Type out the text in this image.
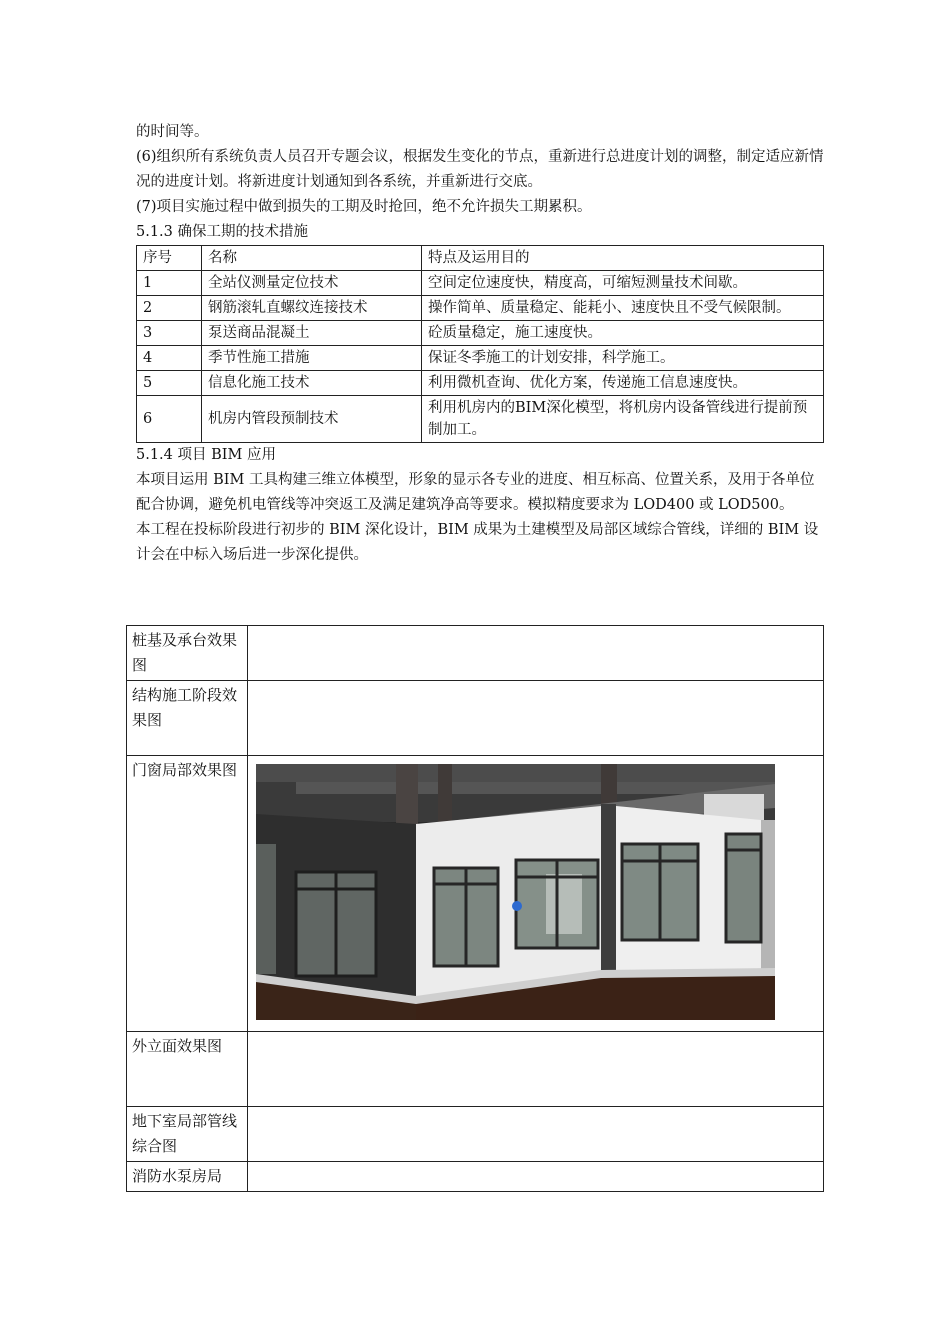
的时间等。

(6)组织所有系统负责人员召开专题会议，根据发生变化的节点，重新进行总进度计划的调整，制定适应新情况的进度计划。将新进度计划通知到各系统，并重新进行交底。

(7)项目实施过程中做到损失的工期及时抢回，绝不允许损失工期累积。

5.1.3 确保工期的技术措施

序号	名称	特点及运用目的
1	全站仪测量定位技术	空间定位速度快，精度高，可缩短测量技术间歇。
2	钢筋滚轧直螺纹连接技术	操作简单、质量稳定、能耗小、速度快且不受气候限制。
3	泵送商品混凝土	砼质量稳定，施工速度快。
4	季节性施工措施	保证冬季施工的计划安排，科学施工。
5	信息化施工技术	利用微机查询、优化方案，传递施工信息速度快。
6	机房内管段预制技术	利用机房内的BIM深化模型，将机房内设备管线进行提前预制加工。

5.1.4 项目 BIM 应用

本项目运用 BIM 工具构建三维立体模型，形象的显示各专业的进度、相互标高、位置关系，及用于各单位配合协调，避免机电管线等冲突返工及满足建筑净高等要求。模拟精度要求为 LOD400 或 LOD500。

本工程在投标阶段进行初步的 BIM 深化设计，BIM 成果为土建模型及局部区域综合管线，详细的 BIM 设计会在中标入场后进一步深化提供。

桩基及承台效果图	
结构施工阶段效果图	
门窗局部效果图	

外立面效果图	
地下室局部管线综合图	
消防水泵房局	
